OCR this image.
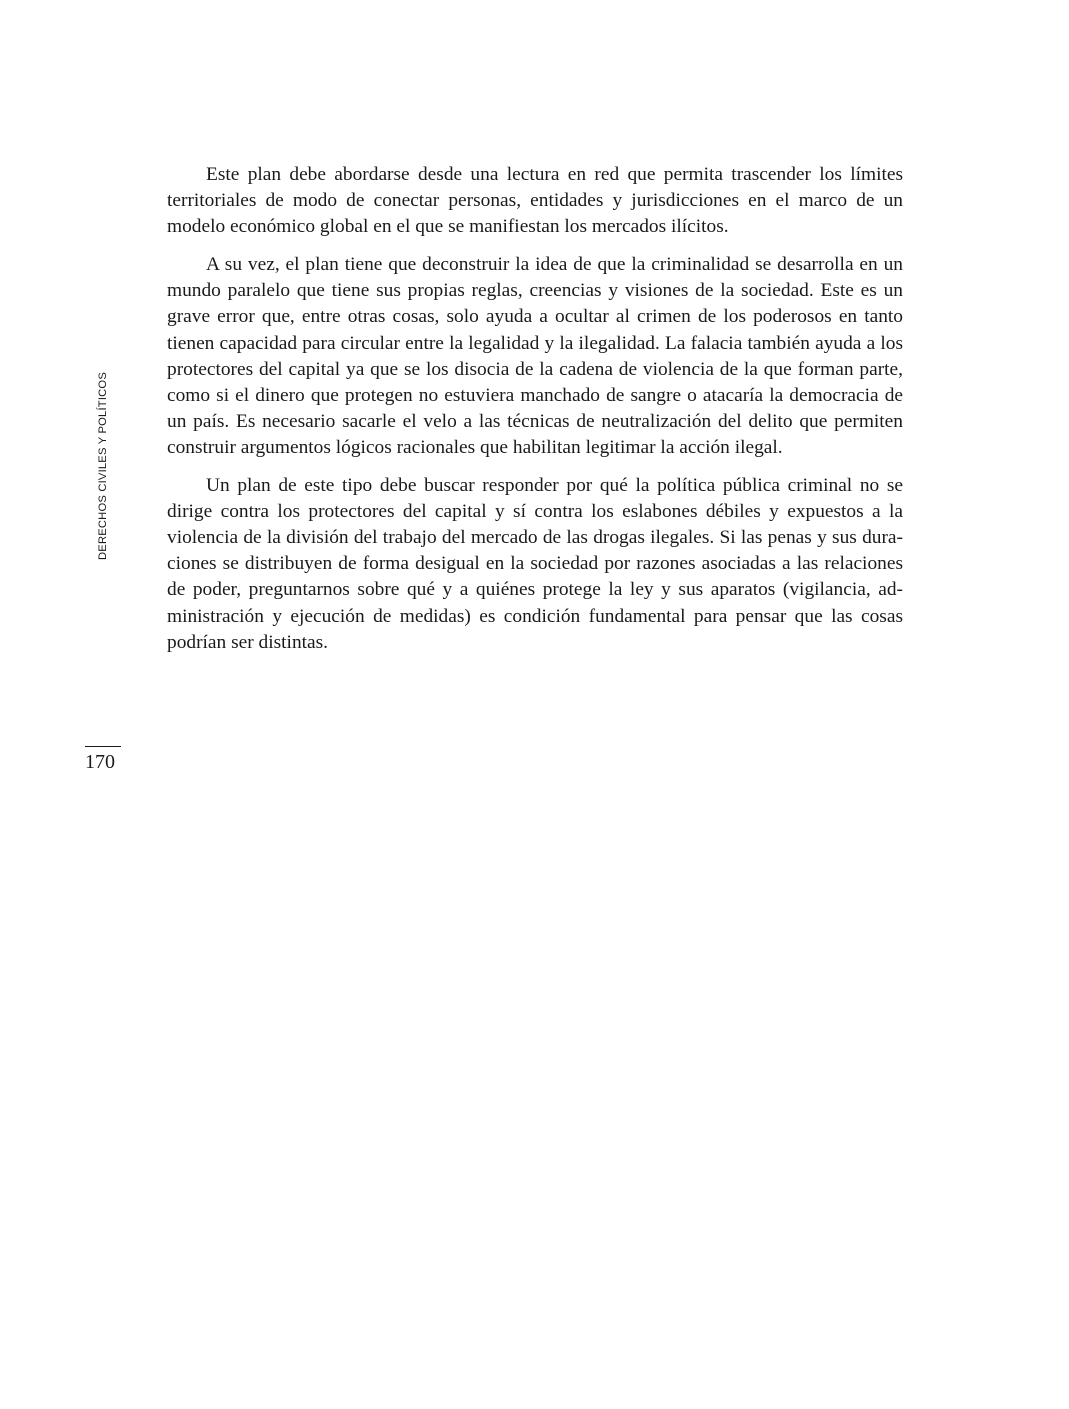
DERECHOS CIVILES Y POLÍTICOS

Este plan debe abordarse desde una lectura en red que permita trascender los límites territoriales de modo de conectar personas, entidades y jurisdicciones en el marco de un modelo económico global en el que se manifiestan los mercados ilícitos.

A su vez, el plan tiene que deconstruir la idea de que la criminalidad se desarrolla en un mundo paralelo que tiene sus propias reglas, creencias y visiones de la sociedad. Este es un grave error que, entre otras cosas, solo ayuda a ocultar al crimen de los poderosos en tanto tienen capacidad para circular entre la legalidad y la ilegalidad. La falacia también ayuda a los protectores del capital ya que se los disocia de la cadena de violencia de la que forman parte, como si el dinero que protegen no estuviera manchado de sangre o atacaría la democracia de un país. Es necesario sacarle el velo a las técnicas de neutralización del delito que permiten construir argumentos lógicos racionales que habilitan legitimar la acción ilegal.

Un plan de este tipo debe buscar responder por qué la política pública criminal no se dirige contra los protectores del capital y sí contra los eslabones débiles y expuestos a la violencia de la división del trabajo del mercado de las drogas ilegales. Si las penas y sus duraciones se distribuyen de forma desigual en la sociedad por razones asociadas a las relaciones de poder, preguntarnos sobre qué y a quiénes protege la ley y sus aparatos (vigilancia, administración y ejecución de medidas) es condición fundamental para pensar que las cosas podrían ser distintas.

170
